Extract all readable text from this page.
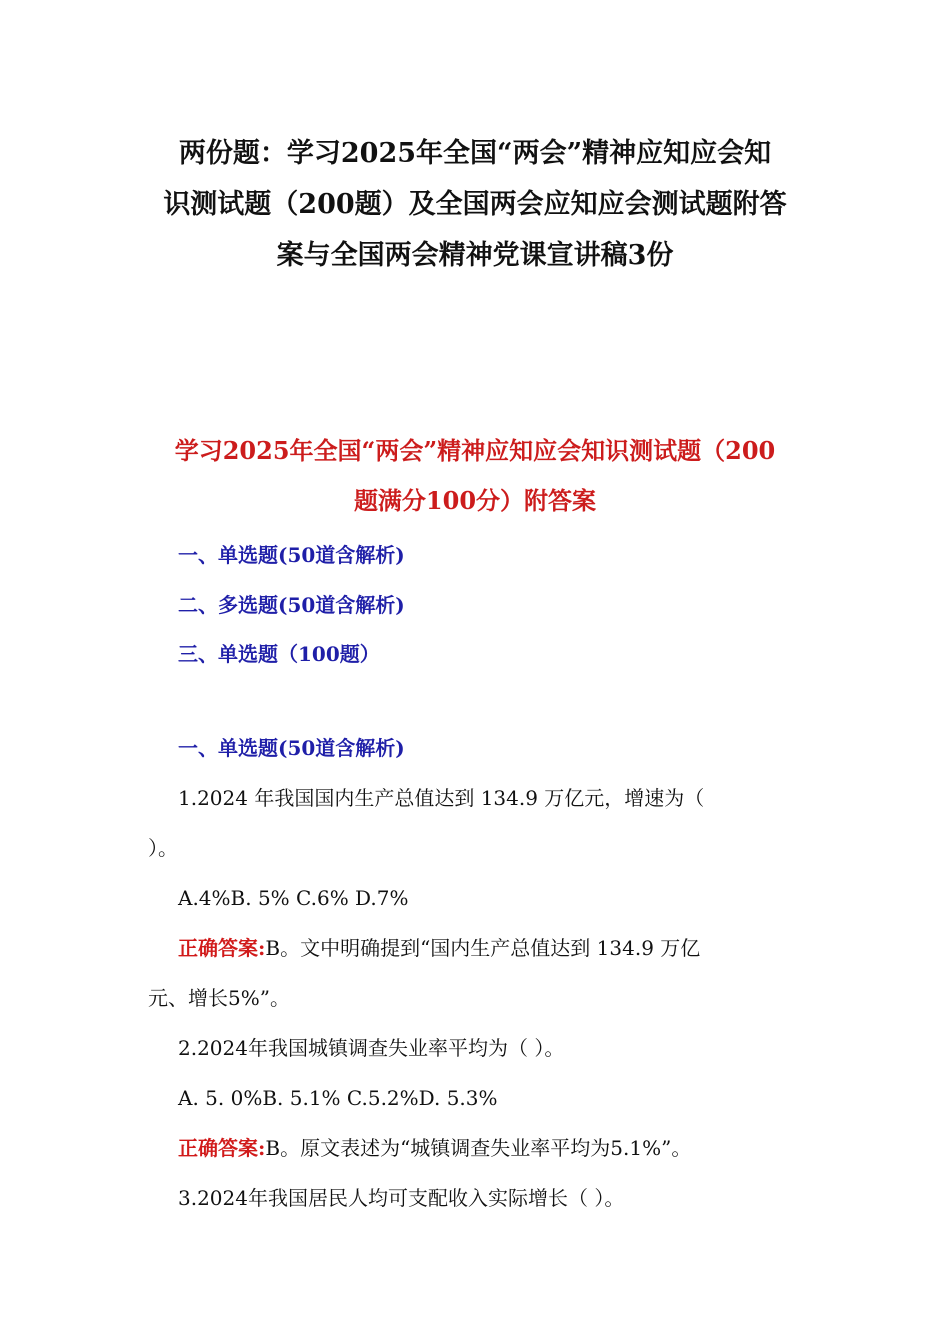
两份题：学习2025年全国“两会”精神应知应会知
识测试题（200题）及全国两会应知应会测试题附答
案与全国两会精神党课宣讲稿3份
学习2025年全国“两会”精神应知应会知识测试题（200
题满分100分）附答案
一、单选题(50道含解析)
二、多选题(50道含解析)
三、单选题（100题）
一、单选题(50道含解析)

1.2024 年我国国内生产总值达到 134.9 万亿元，增速为（

）。

A.4%B. 5% C.6% D.7%

正确答案:B。文中明确提到“国内生产总值达到 134.9 万亿

元、增长5%”。

2.2024年我国城镇调查失业率平均为（ ）。

A. 5. 0%B. 5.1% C.5.2%D. 5.3%

正确答案:B。原文表述为“城镇调查失业率平均为5.1%”。

3.2024年我国居民人均可支配收入实际增长（ ）。
